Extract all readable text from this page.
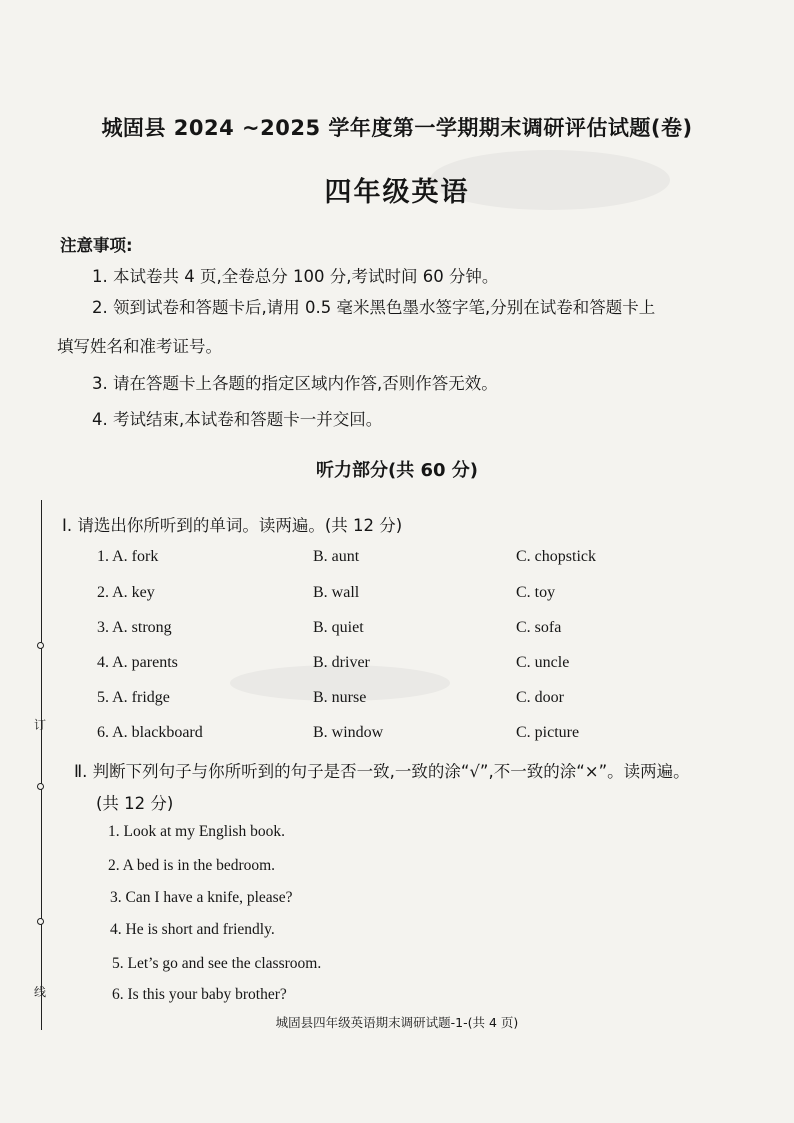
城固县 2024 ~2025 学年度第一学期期末调研评估试题(卷)
四年级英语
注意事项:
1. 本试卷共 4 页,全卷总分 100 分,考试时间 60 分钟。
2. 领到试卷和答题卡后,请用 0.5 毫米黑色墨水签字笔,分别在试卷和答题卡上
填写姓名和准考证号。
3. 请在答题卡上各题的指定区域内作答,否则作答无效。
4. 考试结束,本试卷和答题卡一并交回。
听力部分(共 60 分)
Ⅰ. 请选出你所听到的单词。读两遍。(共 12 分)
1. A. fork	B. aunt	C. chopstick
2. A. key	B. wall	C. toy
3. A. strong	B. quiet	C. sofa
4. A. parents	B. driver	C. uncle
5. A. fridge	B. nurse	C. door
6. A. blackboard	B. window	C. picture
Ⅱ. 判断下列句子与你所听到的句子是否一致,一致的涂“√”,不一致的涂“×”。读两遍。
(共 12 分)
1. Look at my English book.
2. A bed is in the bedroom.
3. Can I have a knife, please?
4. He is short and friendly.
5. Let’s go and see the classroom.
6. Is this your baby brother?
城固县四年级英语期末调研试题-1-(共 4 页)
订
线
